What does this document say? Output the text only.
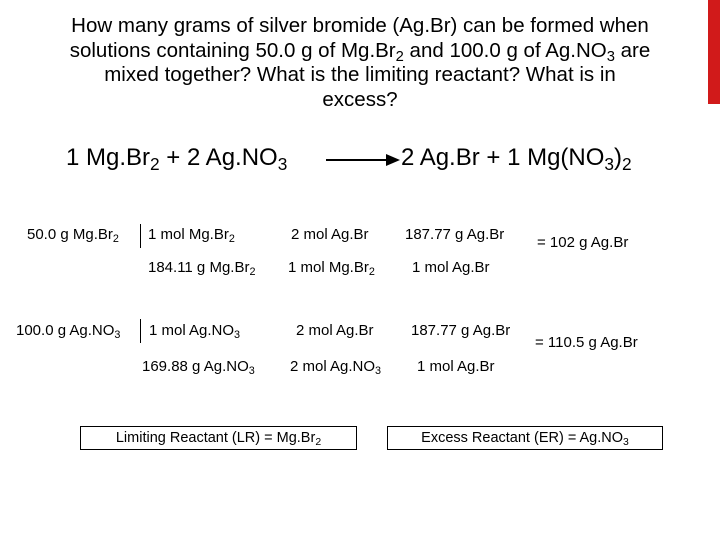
How many grams of silver bromide (Ag.Br) can be formed when
solutions containing 50.0 g of $Mg.Br_2$ and 100.0 g of $Ag.NO_3$ are
mixed together? What is the limiting reactant? What is in
excess?
1 $Mg.Br_2 + 2$ $Ag.NO_3$	2 Ag.Br + 1 $Mg(NO_3)_2$
50.0 g $Mg.Br_2$ 1 mol $Mg.Br_2$
184.11 g $Mg.Br_2$
2 mol Ag.Br
1 mol $Mg.Br_2$
187.77 g Ag.Br
1 mol Ag.Br
= 102 g Ag.Br
100.0 g $Ag.NO_3$ 1 mol $Ag.NO_3$
169.88 g $Ag.NO_3$
2 mol Ag.Br
2 mol $Ag.NO_3$
187.77 g Ag.Br
1 mol Ag.Br
= 110.5 g Ag.Br
Limiting Reactant $(LR) = Mg.Br_2$	Excess Reactant $(ER) = Ag.NO_3$
